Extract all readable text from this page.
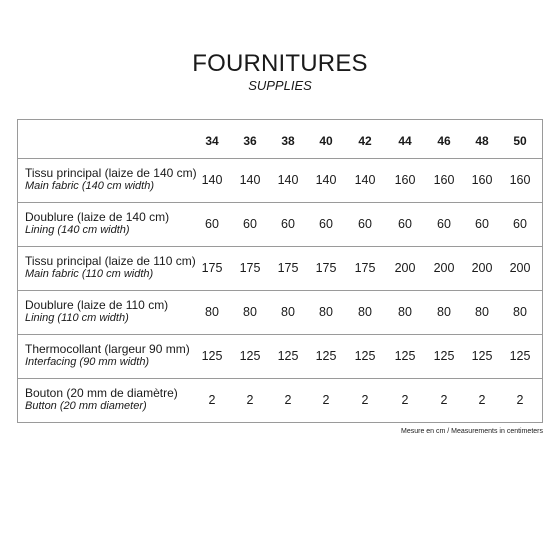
FOURNITURES
SUPPLIES
34	36	38	40	42	44	46	48	50
Tissu principal (laize de 140 cm)
Main fabric (140 cm width)	140	140	140	140	140	160	160	160	160
Doublure (laize de 140 cm)
Lining (140 cm width)	60	60	60	60	60	60	60	60	60
Tissu principal (laize de 110 cm)
Main fabric (110 cm width)	175	175	175	175	175	200	200	200	200
Doublure (laize de 110 cm)
Lining (110 cm width)	80	80	80	80	80	80	80	80	80
Thermocollant (largeur 90 mm)
Interfacing (90 mm width)	125	125	125	125	125	125	125	125	125
Bouton (20 mm de diamètre)
Button (20 mm diameter)	2	2	2	2	2	2	2	2	2
Mesure en cm / Measurements in centimeters
